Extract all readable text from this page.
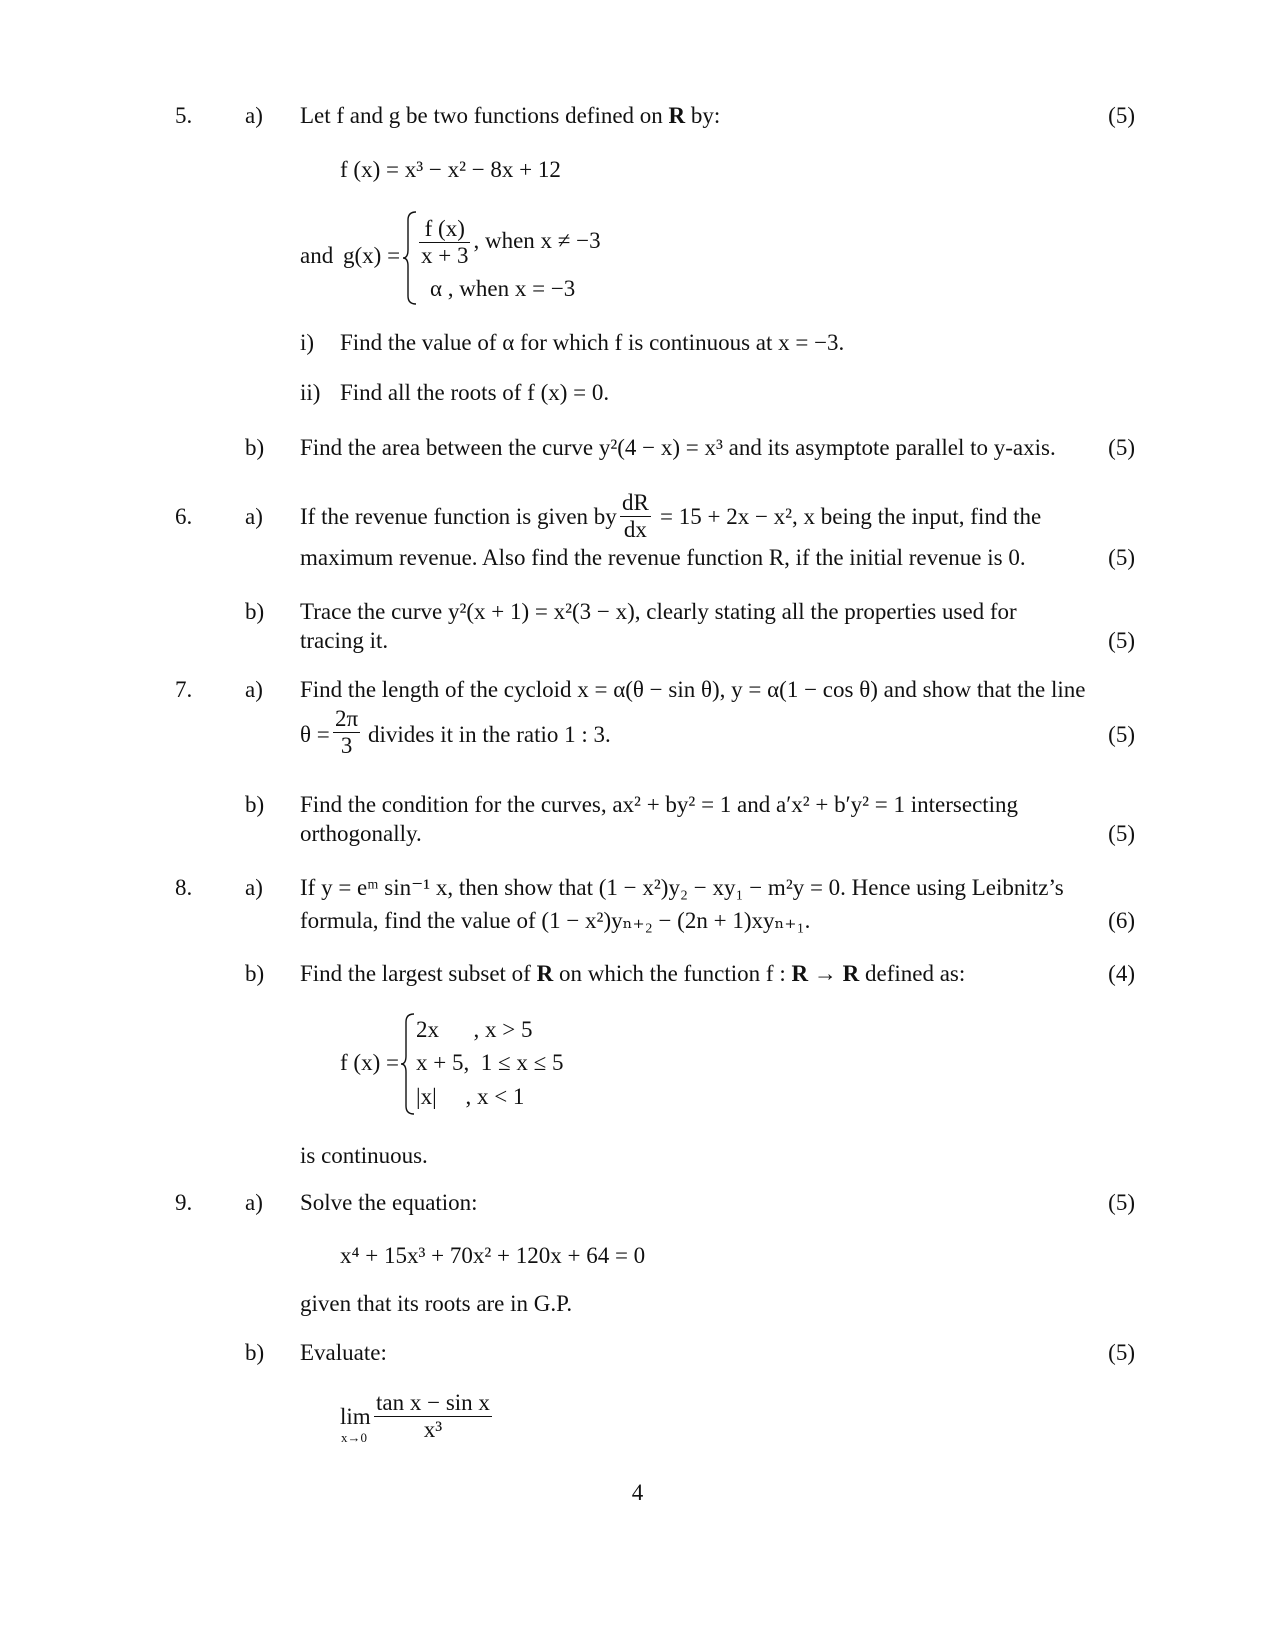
5. a) Let f and g be two functions defined on R by:	(5)
f (x) = x³ − x² − 8x + 12
and $g(x) = \frac{f (x)}{x + 3}$ , when x ≠ −3
α , when x = −3
i) Find the value of α for which f is continuous at x = −3.
ii) Find all the roots of f (x) = 0.
b) Find the area between the curve y²(4 − x) = x³ and its asymptote parallel to y-axis. (5)
6. a) If the revenue function is given by $\frac{dR}{dx} = 15 + 2x - x^2$, x being the input, find the
maximum revenue. Also find the revenue function R, if the initial revenue is 0.	(5)
b) Trace the curve y²(x + 1) = x²(3 − x), clearly stating all the properties used for
tracing it.	(5)
7. a) Find the length of the cycloid x = α(θ − sin θ), y = α(1 − cos θ) and show that the line
$\theta = \frac{2\pi}{3}$ divides it in the ratio 1 : 3.	(5)
b) Find the condition for the curves, ax² + by² = 1 and a′x² + b′y² = 1 intersecting
orthogonally.	(5)
8. a) If y = eᵐ sin⁻¹ x, then show that (1 − x²)y₂ − xy₁ − m²y = 0. Hence using Leibnitz’s
formula, find the value of (1 − x²)yₙ₊₂ − (2n + 1)xyₙ₊₁.	(6)
b) Find the largest subset of R on which the function f : R → R defined as:	(4)
f (x) =
2x      , x > 5
x + 5,  1 ≤ x ≤ 5
|x|     , x < 1
is continuous.
9. a) Solve the equation:	(5)
x⁴ + 15x³ + 70x² + 120x + 64 = 0
given that its roots are in G.P.
b) Evaluate:	(5)
lim
$x\to 0 \frac{\text{tan x − sin x}}{\text{x³}}$
4
